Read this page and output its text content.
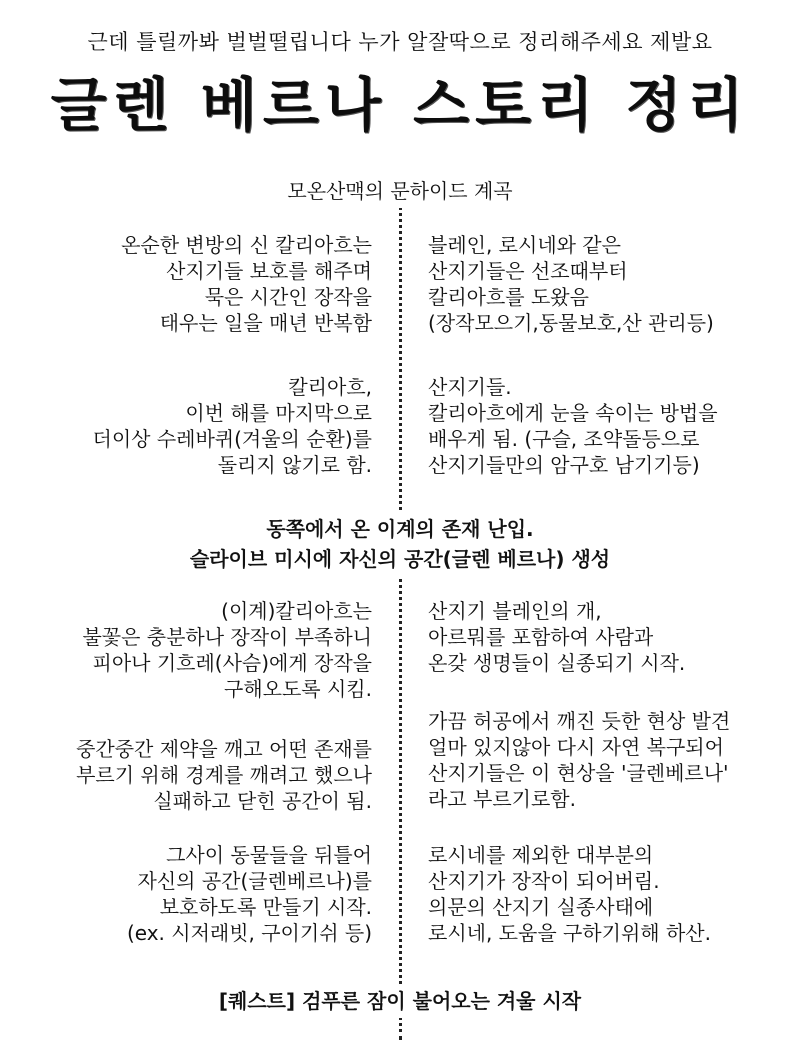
근데 틀릴까봐 벌벌떨립니다 누가 알잘딱으로 정리해주세요 제발요
글렌 베르나 스토리 정리
모온산맥의 문하이드 계곡
온순한 변방의 신 칼리아흐는
산지기들 보호를 해주며
묵은 시간인 장작을
태우는 일을 매년 반복함
블레인, 로시네와 같은
산지기들은 선조때부터
칼리아흐를 도왔음
(장작모으기,동물보호,산 관리등)
칼리아흐,
이번 해를 마지막으로
더이상 수레바퀴(겨울의 순환)를
돌리지 않기로 함.
산지기들.
칼리아흐에게 눈을 속이는 방법을
배우게 됨. (구슬, 조약돌등으로
산지기들만의 암구호 남기기등)
동쪽에서 온 이계의 존재 난입.
슬라이브 미시에 자신의 공간(글렌 베르나) 생성
(이계)칼리아흐는
불꽃은 충분하나 장작이 부족하니
피아나 기흐레(사슴)에게 장작을
구해오도록 시킴.
산지기 블레인의 개,
아르뭐를 포함하여 사람과
온갖 생명들이 실종되기 시작.
가끔 허공에서 깨진 듯한 현상 발견
얼마 있지않아 다시 자연 복구되어
산지기들은 이 현상을 '글렌베르나'
라고 부르기로함.
중간중간 제약을 깨고 어떤 존재를
부르기 위해 경계를 깨려고 했으나
실패하고 닫힌 공간이 됨.
그사이 동물들을 뒤틀어
자신의 공간(글렌베르나)를
보호하도록 만들기 시작.
(ex. 시저래빗, 구이기쉬 등)
로시네를 제외한 대부분의
산지기가 장작이 되어버림.
의문의 산지기 실종사태에
로시네, 도움을 구하기위해 하산.
[퀘스트] 검푸른 잠이 불어오는 겨울 시작
